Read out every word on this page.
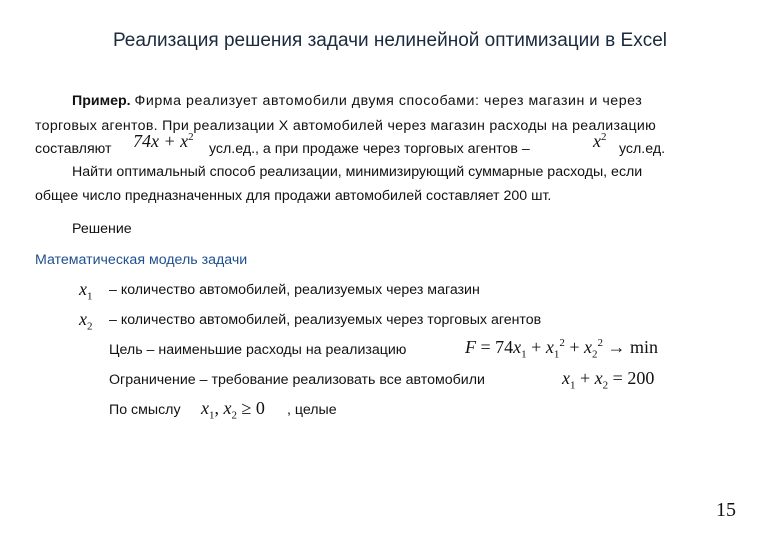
Реализация решения задачи нелинейной оптимизации в Excel
Пример. Фирма реализует автомобили двумя способами: через магазин и через
торговых агентов. При реализации X автомобилей через магазин расходы на реализацию
составляют $74x + x^2$
усл.ед., а при продаже через торговых агентов –	$x^2$
усл.ед.
Найти оптимальный способ реализации, минимизирующий суммарные расходы, если
общее число предназначенных для продажи автомобилей составляет 200 шт.
Решение
Математическая модель задачи
$x_1$ – количество автомобилей, реализуемых через магазин
$x_2$ – количество автомобилей, реализуемых через торговых агентов
Цель – наименьшие расходы на реализацию	$F = 74x_1 + x_1^2 + x_2^2 \to \min$
Ограничение – требование реализовать все автомобили	$x_1 + x_2 = 200$
По смыслу $x_1$, $x_2 \ge 0$ , целые
15
